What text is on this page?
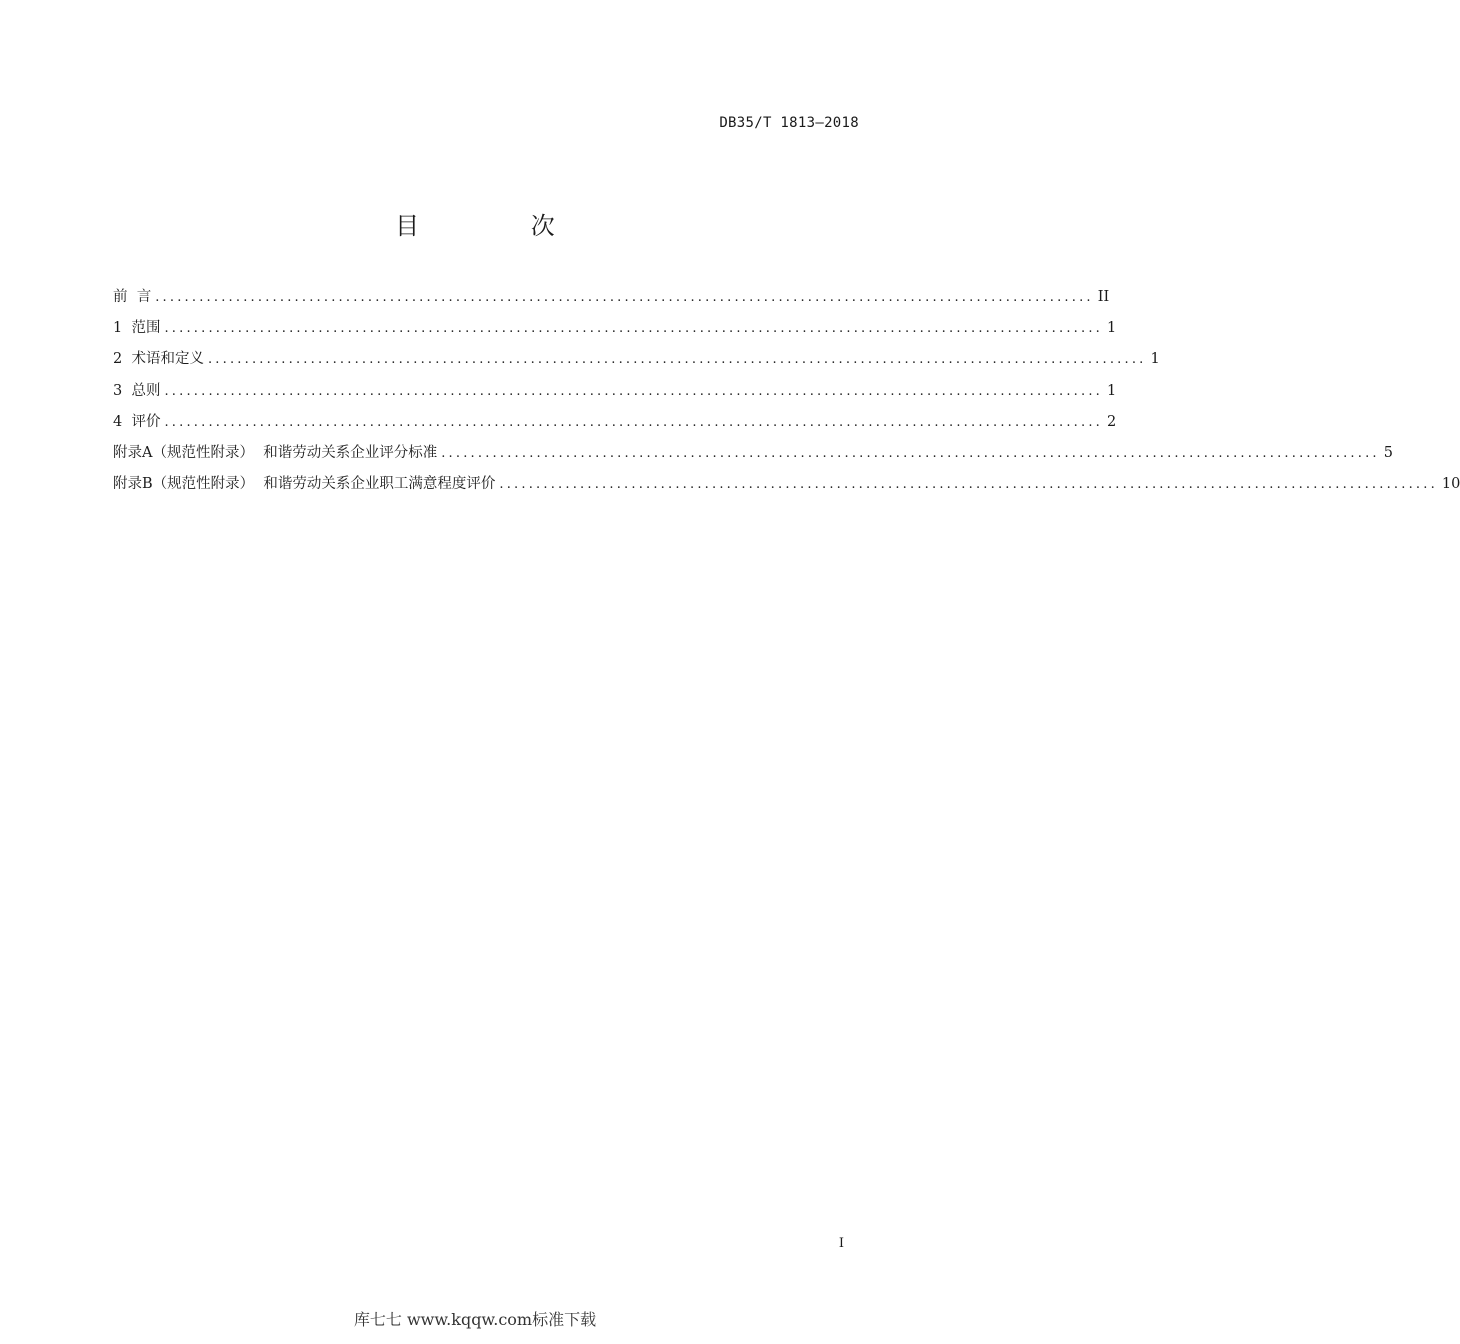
DB35/T 1813—2018
目 次
前  言 ................................................................................................................................ II
1  范围 ................................................................................................................................ 1
2  术语和定义 ................................................................................................................................ 1
3  总则 ................................................................................................................................ 1
4  评价 ................................................................................................................................ 2
附录A（规范性附录）  和谐劳动关系企业评分标准 ................................................................................................................................ 5
附录B（规范性附录）  和谐劳动关系企业职工满意程度评价 ................................................................................................................................ 10
I
库七七 www.kqqw.com标准下载
